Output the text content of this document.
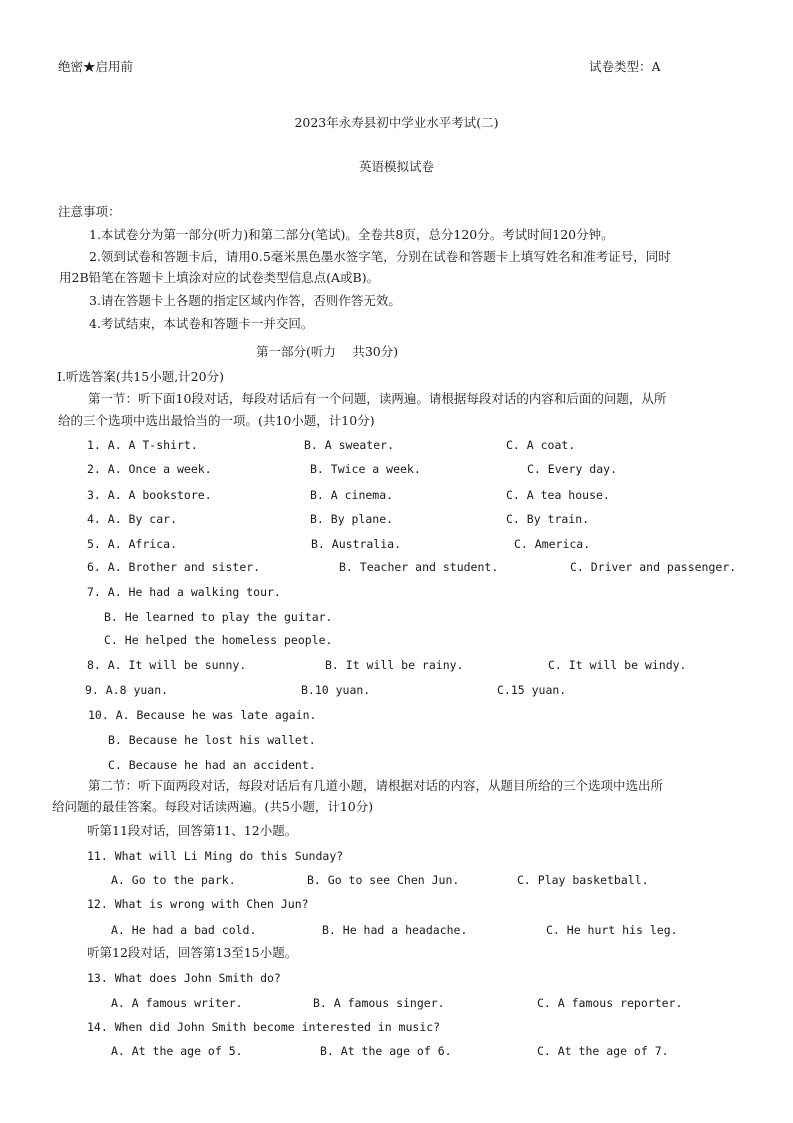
绝密★启用前	试卷类型：A
2023年永寿县初中学业水平考试(二)
英语模拟试卷
注意事项：
1.本试卷分为第一部分(听力)和第二部分(笔试)。全卷共8页，总分120分。考试时间120分钟。
2.领到试卷和答题卡后，请用0.5毫米黑色墨水签字笔，分别在试卷和答题卡上填写姓名和准考证号，同时
用2B铅笔在答题卡上填涂对应的试卷类型信息点(A或B)。
3.请在答题卡上各题的指定区域内作答，否则作答无效。
4.考试结束，本试卷和答题卡一并交回。
第一部分(听力　 共30分)
Ⅰ.听选答案(共15小题,计20分)
第一节：听下面10段对话，每段对话后有一个问题，读两遍。请根据每段对话的内容和后面的问题，从所
给的三个选项中选出最恰当的一项。(共10小题，计10分)
1. A. A T-shirt.	B. A sweater.	C. A coat.
2. A. Once a week.	B. Twice a week.	C. Every day.
3. A. A bookstore.	B. A cinema.	C. A tea house.
4. A. By car.	B. By plane.	C. By train.
5. A. Africa.	B. Australia.	C. America.
6. A. Brother and sister.	B. Teacher and student.	C. Driver and passenger.
7. A. He had a walking tour.
B. He learned to play the guitar.
C. He helped the homeless people.
8. A. It will be sunny.	B. It will be rainy.	C. It will be windy.
9. A.8 yuan.	B.10 yuan.	C.15 yuan.
10. A. Because he was late again.
B. Because he lost his wallet.
C. Because he had an accident.
第二节：听下面两段对话，每段对话后有几道小题，请根据对话的内容，从题目所给的三个选项中选出所
给问题的最佳答案。每段对话读两遍。(共5小题，计10分)
听第11段对话，回答第11、12小题。
11. What will Li Ming do this Sunday?
A. Go to the park.	B. Go to see Chen Jun.	C. Play basketball.
12. What is wrong with Chen Jun?
A. He had a bad cold.	B. He had a headache.	C. He hurt his leg.
听第12段对话，回答第13至15小题。
13. What does John Smith do?
A. A famous writer.	B. A famous singer.	C. A famous reporter.
14. When did John Smith become interested in music?
A. At the age of 5.	B. At the age of 6.	C. At the age of 7.
